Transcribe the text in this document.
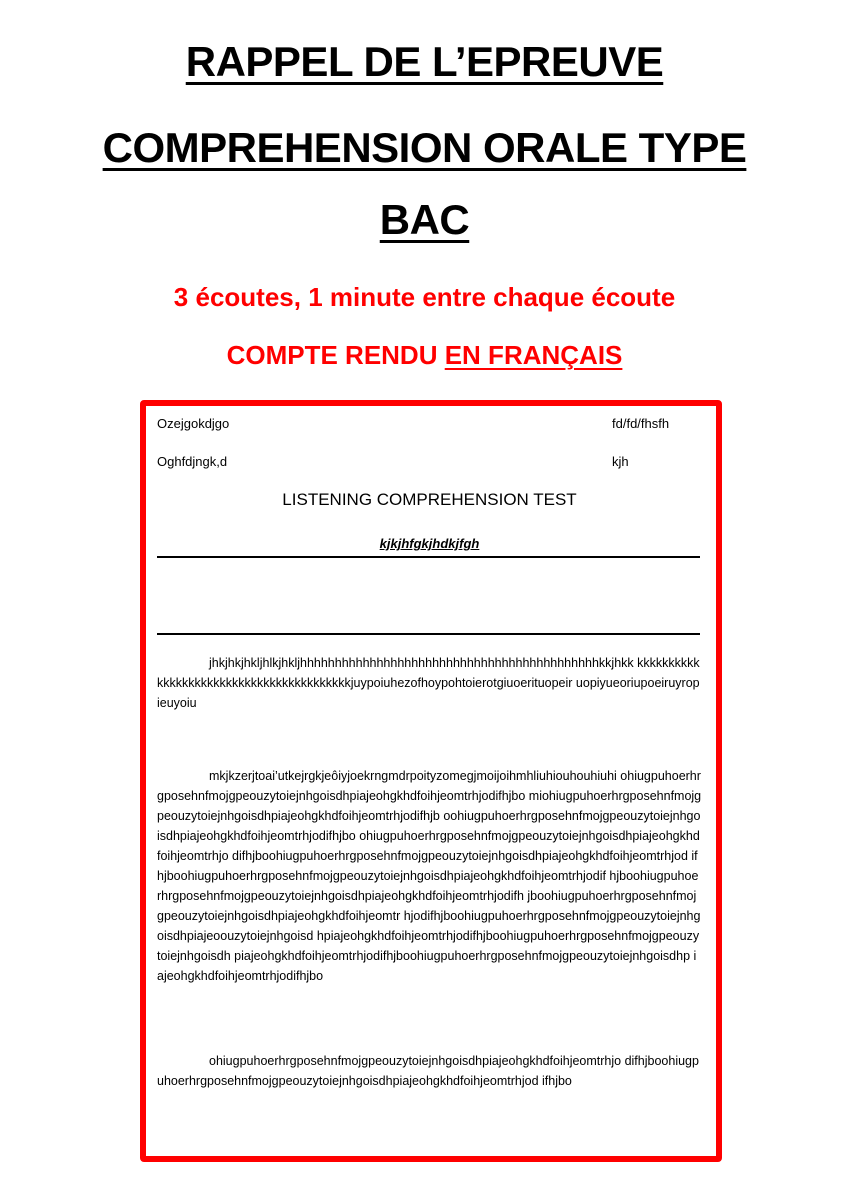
RAPPEL DE L’EPREUVE
COMPREHENSION ORALE TYPE
BAC
3 écoutes, 1 minute entre chaque écoute
COMPTE RENDU EN FRANÇAIS
Ozejgokdjgo	fd/fd/fhsfh
Oghfdjngk,d	kjh
LISTENING COMPREHENSION TEST
kjkjhfgkjhdkjfgh

jhkjhkjhkljhlkjhkljhhhhhhhhhhhhhhhhhhhhhhhhhhhhhhhhhhhhhhhhhhhkkjhkk kkkkkkkkkkkkkkkkkkkkkkkkkkkkkkkkkkkkkkkkkjuypoiuhezofhoypohtoierotgiuoerituopeir uopiyueoriupoeiruyropieuyoiu

mkjkzerjtoai’utkejrgkjeôiyjoekrngmdrpoityzomegjmoijoihmhliuhiouhouhiuhi ohiugpuhoerhrgposehnfmojgpeouzytoiejnhgoisdhpiajeohgkhdfoihjeomtrhjodifhjbo miohiugpuhoerhrgposehnfmojgpeouzytoiejnhgoisdhpiajeohgkhdfoihjeomtrhjodifhjb oohiugpuhoerhrgposehnfmojgpeouzytoiejnhgoisdhpiajeohgkhdfoihjeomtrhjodifhjbo ohiugpuhoerhrgposehnfmojgpeouzytoiejnhgoisdhpiajeohgkhdfoihjeomtrhjo difhjboohiugpuhoerhrgposehnfmojgpeouzytoiejnhgoisdhpiajeohgkhdfoihjeomtrhjod ifhjboohiugpuhoerhrgposehnfmojgpeouzytoiejnhgoisdhpiajeohgkhdfoihjeomtrhjodif hjboohiugpuhoerhrgposehnfmojgpeouzytoiejnhgoisdhpiajeohgkhdfoihjeomtrhjodifh jboohiugpuhoerhrgposehnfmojgpeouzytoiejnhgoisdhpiajeohgkhdfoihjeomtr hjodifhjboohiugpuhoerhrgposehnfmojgpeouzytoiejnhgoisdhpiajeoouzytoiejnhgoisd hpiajeohgkhdfoihjeomtrhjodifhjboohiugpuhoerhrgposehnfmojgpeouzytoiejnhgoisdh piajeohgkhdfoihjeomtrhjodifhjboohiugpuhoerhrgposehnfmojgpeouzytoiejnhgoisdhp iajeohgkhdfoihjeomtrhjodifhjbo

ohiugpuhoerhrgposehnfmojgpeouzytoiejnhgoisdhpiajeohgkhdfoihjeomtrhjo difhjboohiugpuhoerhrgposehnfmojgpeouzytoiejnhgoisdhpiajeohgkhdfoihjeomtrhjod ifhjbo
